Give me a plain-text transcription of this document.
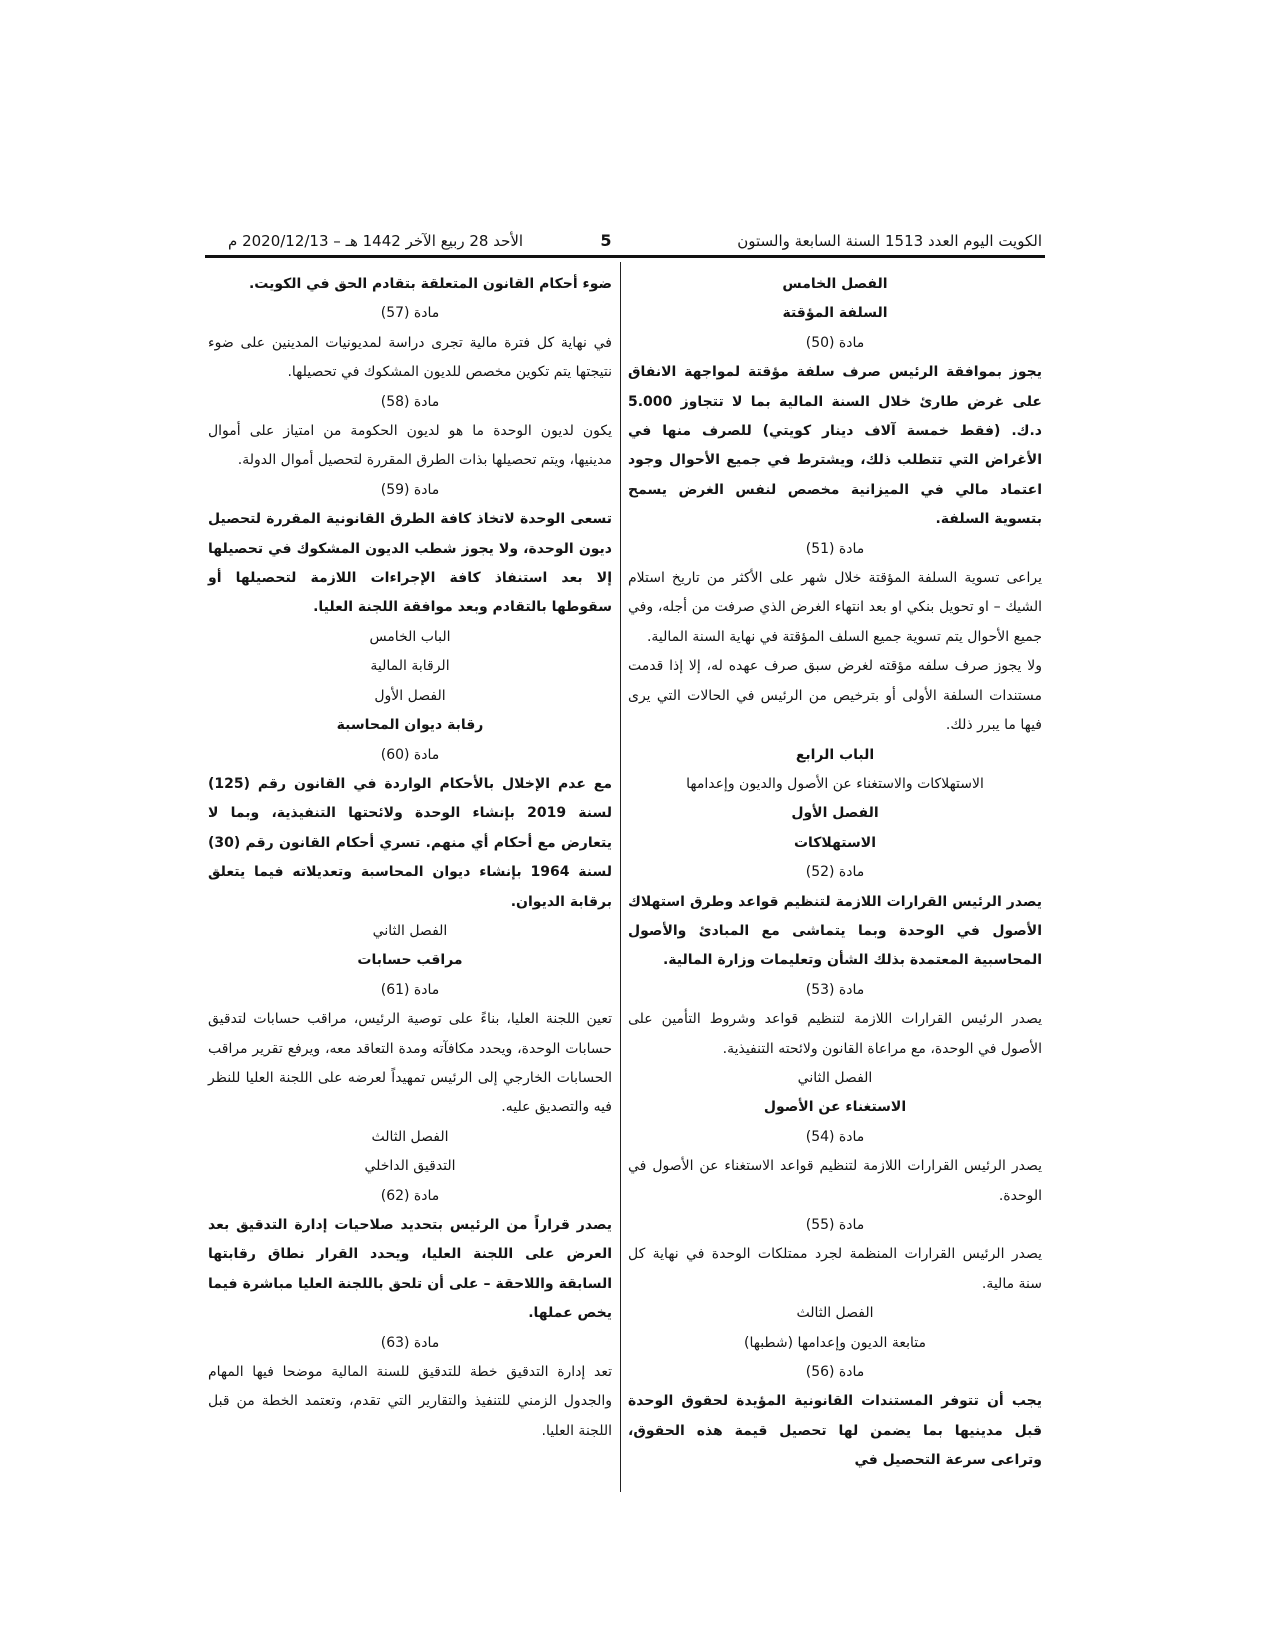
الكويت اليوم العدد 1513 السنة السابعة والستون
5
الأحد 28 ربيع الآخر 1442 هـ – 2020/12/13 م
الفصل الخامس
السلفة المؤقتة
مادة (50)

يجوز بموافقة الرئيس صرف سلفة مؤقتة لمواجهة الانفاق على غرض طارئ خلال السنة المالية بما لا تتجاوز 5.000 د.ك. (فقط خمسة آلاف دينار كويتي) للصرف منها في الأغراض التي تتطلب ذلك، ويشترط في جميع الأحوال وجود اعتماد مالي في الميزانية مخصص لنفس الغرض يسمح بتسوية السلفة.

مادة (51)

يراعى تسوية السلفة المؤقتة خلال شهر على الأكثر من تاريخ استلام الشيك – او تحويل بنكي او بعد انتهاء الغرض الذي صرفت من أجله، وفي جميع الأحوال يتم تسوية جميع السلف المؤقتة في نهاية السنة المالية.

ولا يجوز صرف سلفه مؤقته لغرض سبق صرف عهده له، إلا إذا قدمت مستندات السلفة الأولى أو بترخيص من الرئيس في الحالات التي يرى فيها ما يبرر ذلك.

الباب الرابع
الاستهلاكات والاستغناء عن الأصول والديون وإعدامها
الفصل الأول
الاستهلاكات
مادة (52)

يصدر الرئيس القرارات اللازمة لتنظيم قواعد وطرق استهلاك الأصول في الوحدة وبما يتماشى مع المبادئ والأصول المحاسبية المعتمدة بذلك الشأن وتعليمات وزارة المالية.

مادة (53)

يصدر الرئيس القرارات اللازمة لتنظيم قواعد وشروط التأمين على الأصول في الوحدة، مع مراعاة القانون ولائحته التنفيذية.

الفصل الثاني
الاستغناء عن الأصول
مادة (54)

يصدر الرئيس القرارات اللازمة لتنظيم قواعد الاستغناء عن الأصول في الوحدة.

مادة (55)

يصدر الرئيس القرارات المنظمة لجرد ممتلكات الوحدة في نهاية كل سنة مالية.

الفصل الثالث
متابعة الديون وإعدامها (شطبها)
مادة (56)

يجب أن تتوفر المستندات القانونية المؤيدة لحقوق الوحدة قبل مدينيها بما يضمن لها تحصيل قيمة هذه الحقوق، وتراعى سرعة التحصيل في

ضوء أحكام القانون المتعلقة بتقادم الحق في الكويت.

مادة (57)

في نهاية كل فترة مالية تجرى دراسة لمديونيات المدينين على ضوء نتيجتها يتم تكوين مخصص للديون المشكوك في تحصيلها.

مادة (58)

يكون لديون الوحدة ما هو لديون الحكومة من امتياز على أموال مدينيها، ويتم تحصيلها بذات الطرق المقررة لتحصيل أموال الدولة.

مادة (59)

تسعى الوحدة لاتخاذ كافة الطرق القانونية المقررة لتحصيل ديون الوحدة، ولا يجوز شطب الديون المشكوك في تحصيلها إلا بعد استنفاذ كافة الإجراءات اللازمة لتحصيلها أو سقوطها بالتقادم وبعد موافقة اللجنة العليا.

الباب الخامس
الرقابة المالية
الفصل الأول
رقابة ديوان المحاسبة
مادة (60)

مع عدم الإخلال بالأحكام الواردة في القانون رقم (125) لسنة 2019 بإنشاء الوحدة ولائحتها التنفيذية، وبما لا يتعارض مع أحكام أي منهم. تسري أحكام القانون رقم (30) لسنة 1964 بإنشاء ديوان المحاسبة وتعديلاته فيما يتعلق برقابة الديوان.

الفصل الثاني
مراقب حسابات
مادة (61)

تعين اللجنة العليا، بناءً على توصية الرئيس، مراقب حسابات لتدقيق حسابات الوحدة، ويحدد مكافآته ومدة التعاقد معه، ويرفع تقرير مراقب الحسابات الخارجي إلى الرئيس تمهيداً لعرضه على اللجنة العليا للنظر فيه والتصديق عليه.

الفصل الثالث
التدقيق الداخلي
مادة (62)

يصدر قراراً من الرئيس بتحديد صلاحيات إدارة التدقيق بعد العرض على اللجنة العليا، ويحدد القرار نطاق رقابتها السابقة واللاحقة – على أن تلحق باللجنة العليا مباشرة فيما يخص عملها.

مادة (63)

تعد إدارة التدقيق خطة للتدقيق للسنة المالية موضحا فيها المهام والجدول الزمني للتنفيذ والتقارير التي تقدم، وتعتمد الخطة من قبل اللجنة العليا.
